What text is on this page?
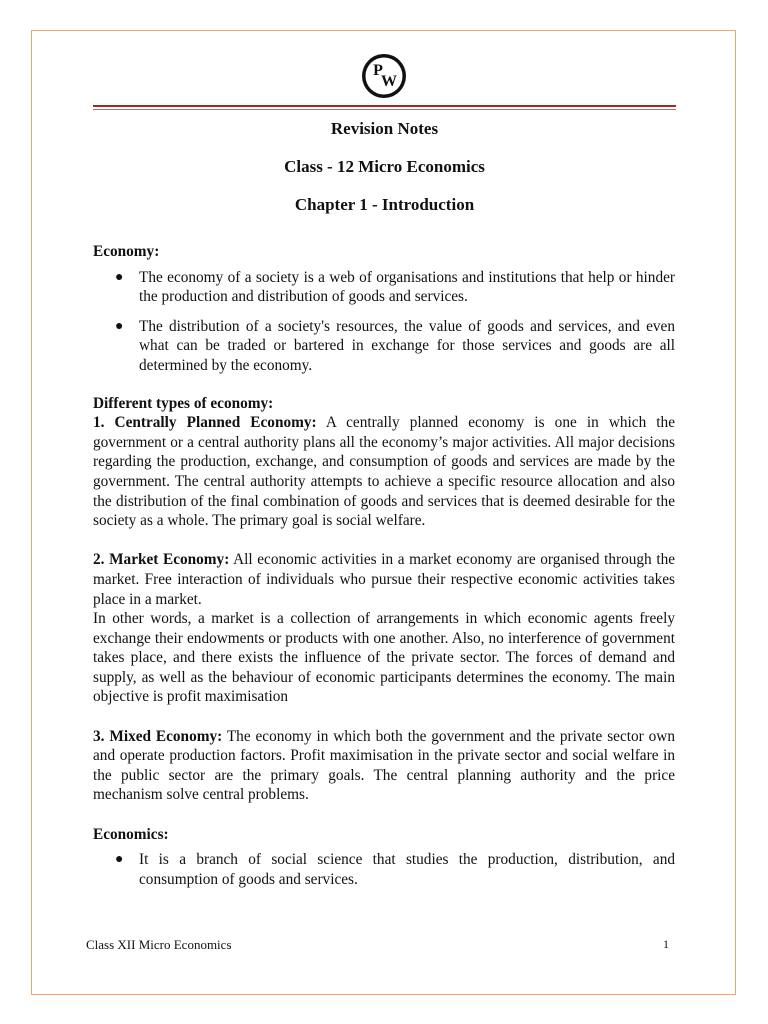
P
W
Revision Notes
Class - 12 Micro Economics
Chapter 1 - Introduction

Economy:

● The economy of a society is a web of organisations and institutions that help or hinder the production and distribution of goods and services.
● The distribution of a society's resources, the value of goods and services, and even what can be traded or bartered in exchange for those services and goods are all determined by the economy.

Different types of economy:

1. Centrally Planned Economy: A centrally planned economy is one in which the government or a central authority plans all the economy’s major activities. All major decisions regarding the production, exchange, and consumption of goods and services are made by the government. The central authority attempts to achieve a specific resource allocation and also the distribution of the final combination of goods and services that is deemed desirable for the society as a whole. The primary goal is social welfare.

2. Market Economy: All economic activities in a market economy are organised through the market. Free interaction of individuals who pursue their respective economic activities takes place in a market.

In other words, a market is a collection of arrangements in which economic agents freely exchange their endowments or products with one another. Also, no interference of government takes place, and there exists the influence of the private sector. The forces of demand and supply, as well as the behaviour of economic participants determines the economy. The main objective is profit maximisation

3. Mixed Economy: The economy in which both the government and the private sector own and operate production factors. Profit maximisation in the private sector and social welfare in the public sector are the primary goals. The central planning authority and the price mechanism solve central problems.

Economics:

● It is a branch of social science that studies the production, distribution, and consumption of goods and services.
Class XII Micro Economics	1
